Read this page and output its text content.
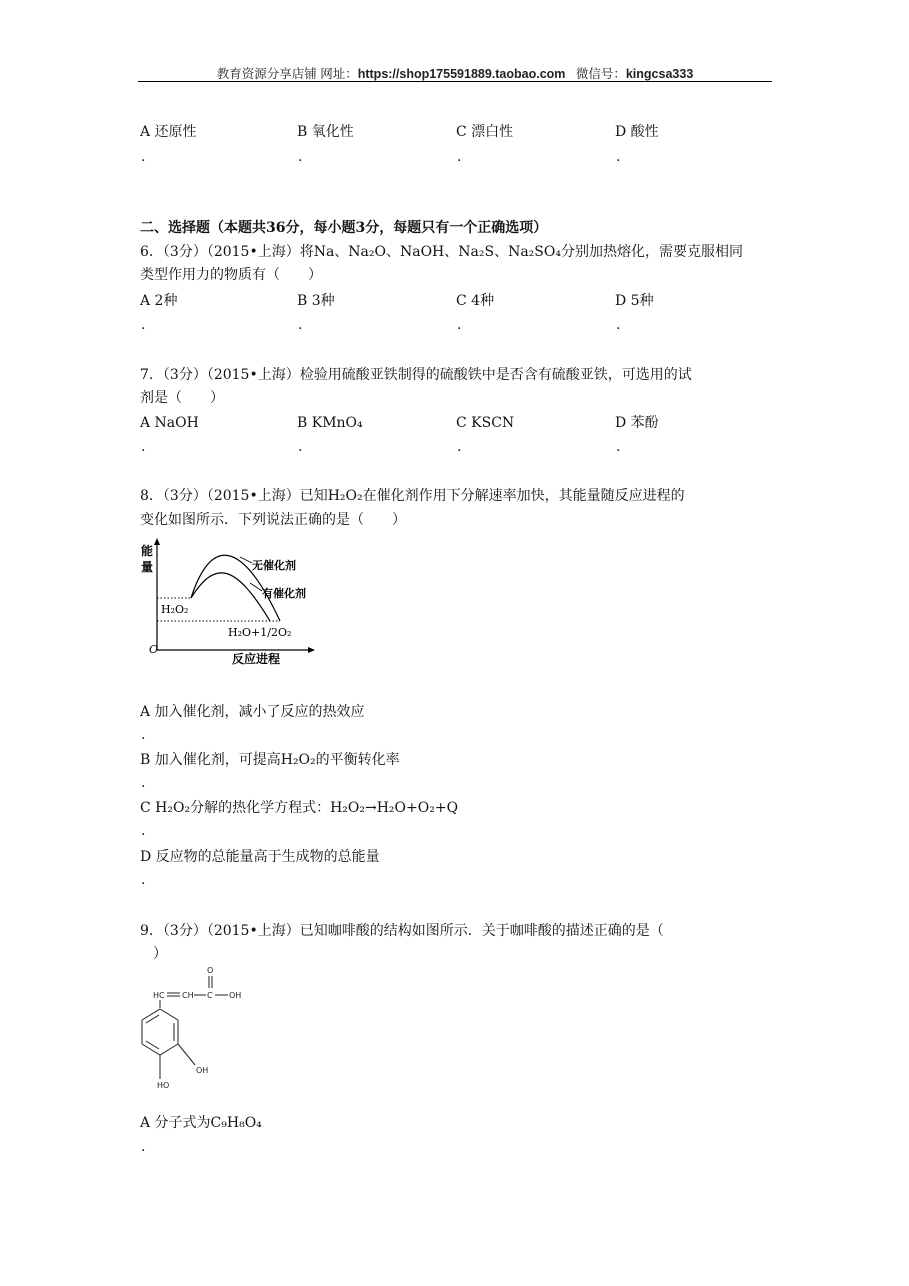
教育资源分享店铺 网址：https://shop175591889.taobao.com 微信号：kingcsa333
A 还原性	B 氧化性	C 漂白性	D 酸性
.	.	.	.
二、选择题（本题共36分，每小题3分，每题只有一个正确选项）
6．（3分）（2015•上海）将Na、Na₂O、NaOH、Na₂S、Na₂SO₄分别加热熔化，需要克服相同
类型作用力的物质有（　　）
A 2种	B 3种	C 4种	D 5种
.	.	.	.
7．（3分）（2015•上海）检验用硫酸亚铁制得的硫酸铁中是否含有硫酸亚铁，可选用的试
剂是（　　）
A NaOH	B KMnO₄	C KSCN	D 苯酚
.	.	.	.
8．（3分）（2015•上海）已知H₂O₂在催化剂作用下分解速率加快，其能量随反应进程的
变化如图所示．下列说法正确的是（　　）
能
量	无催化剂
有催化剂
H₂O₂
H₂O+1/2O₂
O
反应进程
A 加入催化剂，减小了反应的热效应
.
B 加入催化剂，可提高H₂O₂的平衡转化率
.
C H₂O₂分解的热化学方程式：H₂O₂→H₂O+O₂+Q
.
D 反应物的总能量高于生成物的总能量
.
9．（3分）（2015•上海）已知咖啡酸的结构如图所示．关于咖啡酸的描述正确的是（
）
HC CH C
O
OH
OH
HO
A 分子式为C₉H₈O₄
.
